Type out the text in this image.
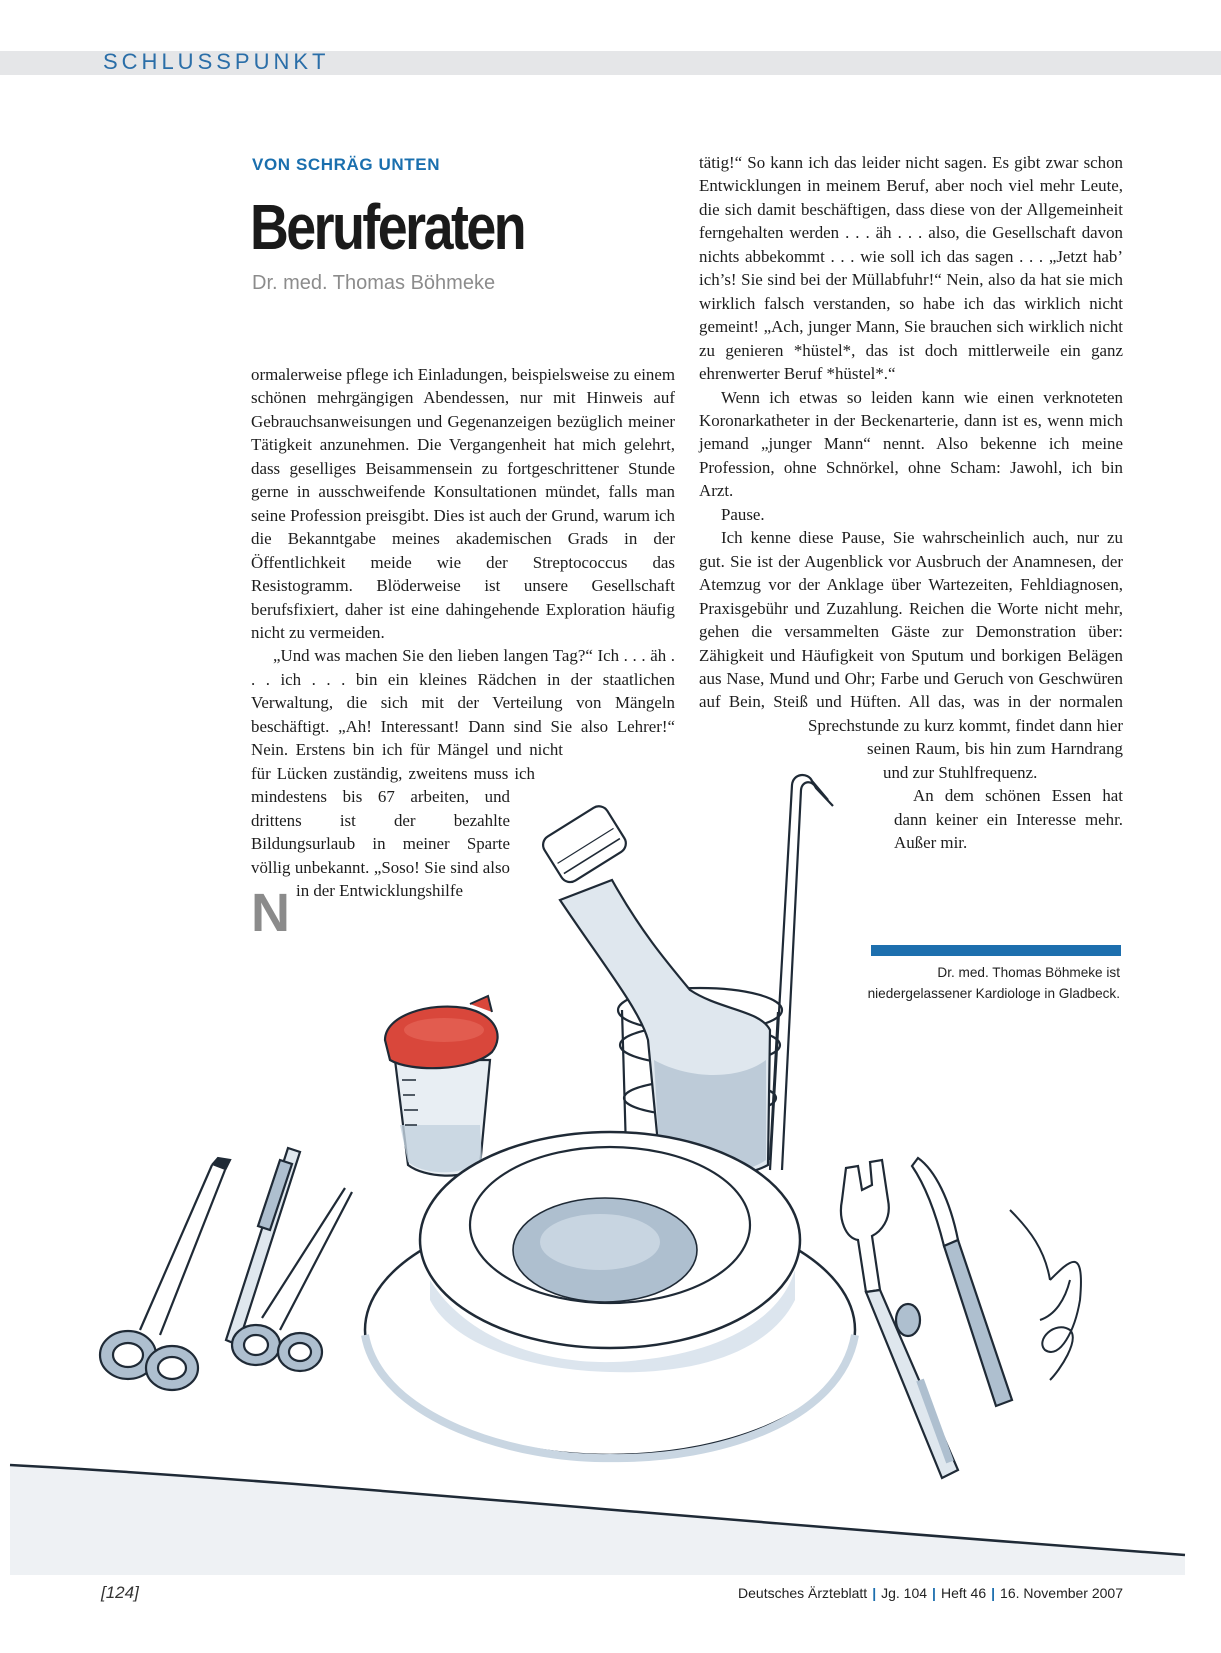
SCHLUSSPUNKT
VON SCHRÄG UNTEN
Beruferaten
Dr. med. Thomas Böhmeke

N
ormalerweise pflege ich Einladungen, beispielsweise zu einem schönen mehrgängigen Abendessen, nur mit Hinweis auf Gebrauchsanweisungen und Gegenanzeigen bezüglich meiner Tätigkeit anzunehmen. Die Vergangenheit hat mich gelehrt, dass geselliges Beisammensein zu fortgeschrittener Stunde gerne in ausschweifende Konsultationen mündet, falls man seine Profession preisgibt. Dies ist auch der Grund, warum ich die Bekanntgabe meines akademischen Grads in der Öffentlichkeit meide wie der Streptococcus das Resistogramm. Blöderweise ist unsere Gesellschaft berufsfixiert, daher ist eine dahingehende Exploration häufig nicht zu vermeiden.

„Und was machen Sie den lieben langen Tag?“ Ich . . . äh . . . ich . . . bin ein kleines Rädchen in der staatlichen Verwaltung, die sich mit der Verteilung von Mängeln beschäftigt. „Ah! Interessant! Dann sind Sie also Lehrer!“ Nein. Erstens bin ich für Mängel und nicht für Lücken zuständig, zweitens muss ich mindestens bis 67 arbeiten, und drittens ist der bezahlte Bildungsurlaub in meiner Sparte völlig unbekannt. „Soso! Sie sind also in der Entwicklungshilfe

tätig!“ So kann ich das leider nicht sagen. Es gibt zwar schon Entwicklungen in meinem Beruf, aber noch viel mehr Leute, die sich damit beschäftigen, dass diese von der Allgemeinheit ferngehalten werden . . . äh . . . also, die Gesellschaft davon nichts abbekommt . . . wie soll ich das sagen . . . „Jetzt hab’ ich’s! Sie sind bei der Müllabfuhr!“ Nein, also da hat sie mich wirklich falsch verstanden, so habe ich das wirklich nicht gemeint! „Ach, junger Mann, Sie brauchen sich wirklich nicht zu genieren *hüstel*, das ist doch mittlerweile ein ganz ehrenwerter Beruf *hüstel*.“

Wenn ich etwas so leiden kann wie einen verknoteten Koronarkatheter in der Beckenarterie, dann ist es, wenn mich jemand „junger Mann“ nennt. Also bekenne ich meine Profession, ohne Schnörkel, ohne Scham: Jawohl, ich bin Arzt.

Pause.

Ich kenne diese Pause, Sie wahrscheinlich auch, nur zu gut. Sie ist der Augenblick vor Ausbruch der Anamnesen, der Atemzug vor der Anklage über Wartezeiten, Fehldiagnosen, Praxisgebühr und Zuzahlung. Reichen die Worte nicht mehr, gehen die versammelten Gäste zur Demonstration über: Zähigkeit und Häufigkeit von Sputum und borkigen Belägen aus Nase, Mund und Ohr; Farbe und Geruch von Geschwüren auf Bein, Steiß und Hüften. All das, was in der normalen Sprechstunde zu kurz kommt, findet dann hier seinen Raum, bis hin zum Harndrang und zur Stuhlfrequenz.

An dem schönen Essen hat dann keiner ein Interesse mehr. Außer mir.

Dr. med. Thomas Böhmeke ist niedergelassener Kardiologe in Gladbeck.
[124]	Deutsches Ärzteblatt | Jg. 104 | Heft 46 | 16. November 2007
